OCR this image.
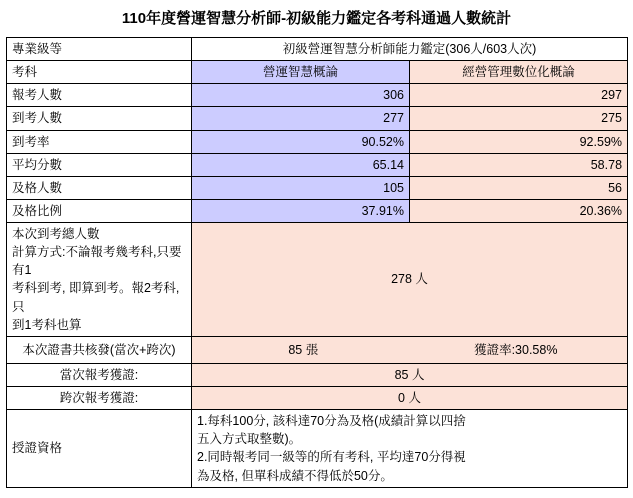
110年度營運智慧分析師-初級能力鑑定各考科通過人數統計
專業級等	初級營運智慧分析師能力鑑定(306人/603人次)	
考科	營運智慧概論	經營管理數位化概論
報考人數	306	297
到考人數	277	275
到考率	90.52%	92.59%
平均分數	65.14	58.78
及格人數	105	56
及格比例	37.91%	20.36%

本次到考總人數
計算方式:不論報考幾考科,只要有1
考科到考, 即算到考。報2考科, 只
到1考科也算	278 人	
本次證書共核發(當次+跨次)	85 張 獲證率:30.58%	

當次報考獲證:	85 人	
跨次報考獲證:	0 人	
授證資格	1.每科100分, 該科達70分為及格(成績計算以四捨
五入方式取整數)。
2.同時報考同一級等的所有考科, 平均達70分得視
為及格, 但單科成績不得低於50分。	
